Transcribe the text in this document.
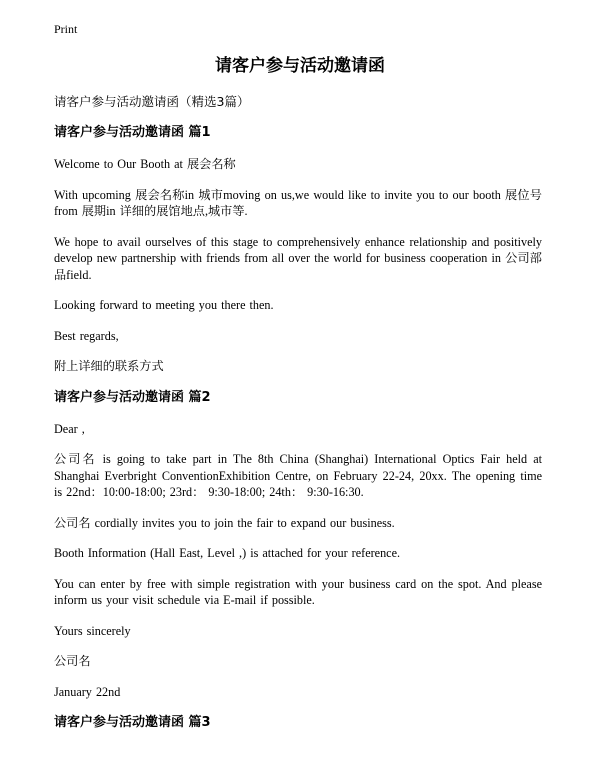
Print
请客户参与活动邀请函

请客户参与活动邀请函（精选3篇）

请客户参与活动邀请函 篇1

Welcome to Our Booth at 展会名称

With upcoming 展会名称in 城市moving on us,we would like to invite you to our booth 展位号from 展期in 详细的展馆地点,城市等.

We hope to avail ourselves of this stage to comprehensively enhance relationship and positively develop new partnership with friends from all over the world for business cooperation in 公司部品field.

Looking forward to meeting you there then.

Best regards,

附上详细的联系方式

请客户参与活动邀请函 篇2

Dear ,

公司名 is going to take part in The 8th China (Shanghai) International Optics Fair held at Shanghai Everbright ConventionExhibition Centre, on February 22-24, 20xx. The opening time is 22nd：10:00-18:00; 23rd： 9:30-18:00; 24th： 9:30-16:30.

公司名 cordially invites you to join the fair to expand our business.

Booth Information (Hall East, Level ,) is attached for your reference.

You can enter by free with simple registration with your business card on the spot. And please inform us your visit schedule via E-mail if possible.

Yours sincerely

公司名

January 22nd

请客户参与活动邀请函 篇3
